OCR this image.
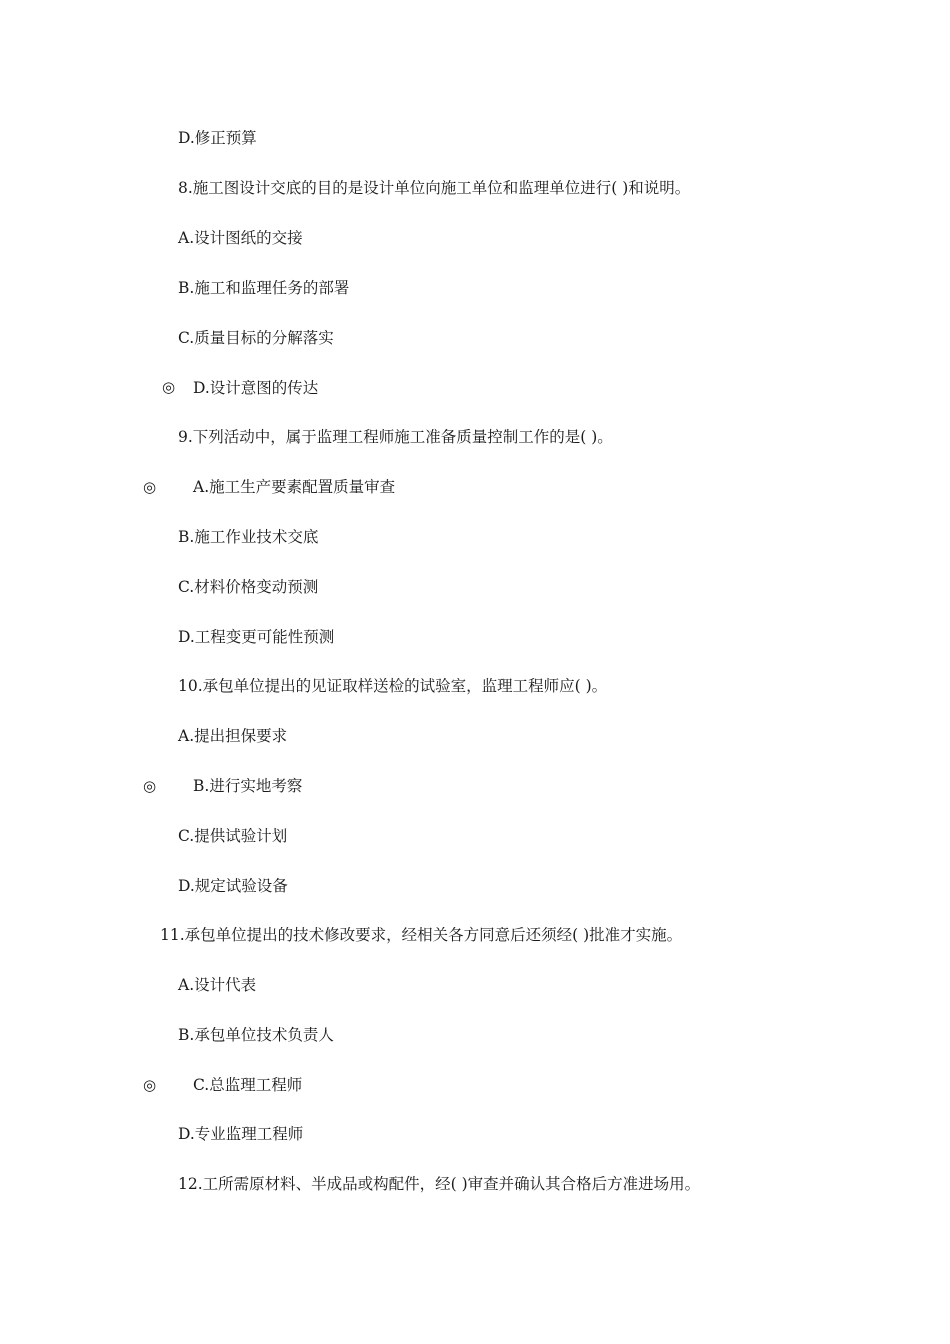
D.修正预算
8.施工图设计交底的目的是设计单位向施工单位和监理单位进行( )和说明。
A.设计图纸的交接
B.施工和监理任务的部署
C.质量目标的分解落实
◎ D.设计意图的传达
9.下列活动中，属于监理工程师施工准备质量控制工作的是( )。
◎ A.施工生产要素配置质量审查
B.施工作业技术交底
C.材料价格变动预测
D.工程变更可能性预测
10.承包单位提出的见证取样送检的试验室，监理工程师应( )。
A.提出担保要求
◎ B.进行实地考察
C.提供试验计划
D.规定试验设备
11.承包单位提出的技术修改要求，经相关各方同意后还须经( )批准才实施。
A.设计代表
B.承包单位技术负责人
◎ C.总监理工程师
D.专业监理工程师
12.工所需原材料、半成品或构配件，经( )审查并确认其合格后方准进场用。
